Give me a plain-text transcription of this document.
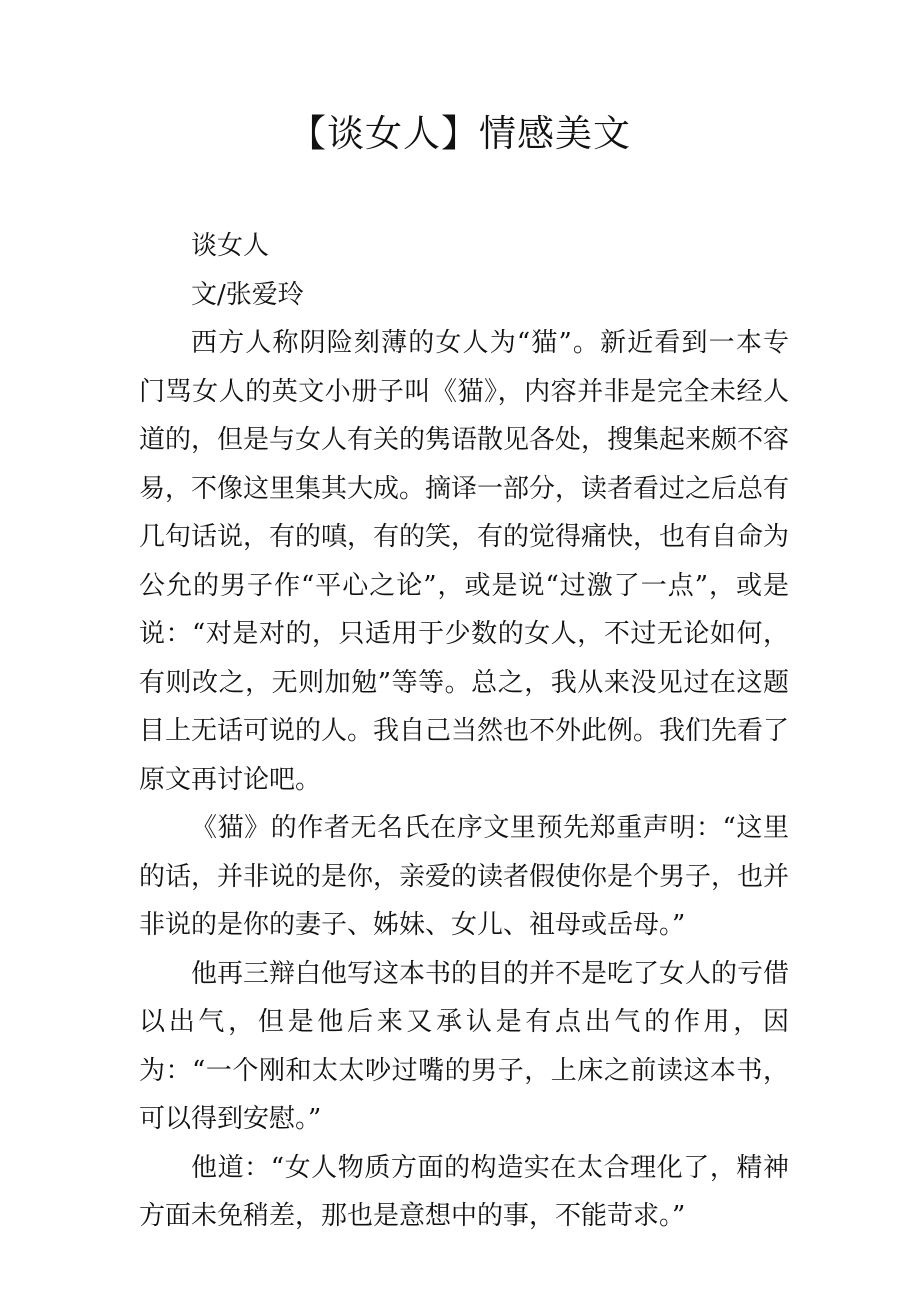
【谈女人】情感美文

谈女人

文/张爱玲

西方人称阴险刻薄的女人为“猫”。新近看到一本专门骂女人的英文小册子叫《猫》，内容并非是完全未经人道的，但是与女人有关的隽语散见各处，搜集起来颇不容易，不像这里集其大成。摘译一部分，读者看过之后总有几句话说，有的嗔，有的笑，有的觉得痛快，也有自命为公允的男子作“平心之论”，或是说“过激了一点”，或是说：“对是对的，只适用于少数的女人，不过无论如何，有则改之，无则加勉”等等。总之，我从来没见过在这题目上无话可说的人。我自己当然也不外此例。我们先看了原文再讨论吧。

《猫》的作者无名氏在序文里预先郑重声明：“这里的话，并非说的是你，亲爱的读者假使你是个男子，也并非说的是你的妻子、姊妹、女儿、祖母或岳母。”

他再三辩白他写这本书的目的并不是吃了女人的亏借以出气，但是他后来又承认是有点出气的作用，因为：“一个刚和太太吵过嘴的男子，上床之前读这本书，可以得到安慰。”

他道：“女人物质方面的构造实在太合理化了，精神方面未免稍差，那也是意想中的事，不能苛求。”
